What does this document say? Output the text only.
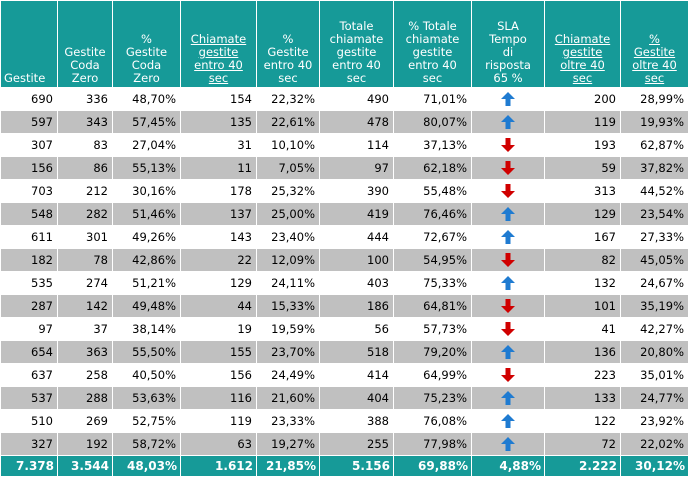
Gestite	Gestite
Coda
Zero	%
Gestite
Coda
Zero	Chiamate
gestite
entro 40
sec	%
Gestite
entro 40
sec	Totale
chiamate
gestite
entro 40
sec	% Totale
chiamate
gestite
entro 40
sec	SLA
Tempo
di
risposta
65 %	Chiamate
gestite
oltre 40
sec	%
Gestite
oltre 40
sec
690	336	48,70%	154	22,32%	490	71,01%		200	28,99%
597	343	57,45%	135	22,61%	478	80,07%		119	19,93%
307	83	27,04%	31	10,10%	114	37,13%		193	62,87%
156	86	55,13%	11	7,05%	97	62,18%		59	37,82%
703	212	30,16%	178	25,32%	390	55,48%		313	44,52%
548	282	51,46%	137	25,00%	419	76,46%		129	23,54%
611	301	49,26%	143	23,40%	444	72,67%		167	27,33%
182	78	42,86%	22	12,09%	100	54,95%		82	45,05%
535	274	51,21%	129	24,11%	403	75,33%		132	24,67%
287	142	49,48%	44	15,33%	186	64,81%		101	35,19%
97	37	38,14%	19	19,59%	56	57,73%		41	42,27%
654	363	55,50%	155	23,70%	518	79,20%		136	20,80%
637	258	40,50%	156	24,49%	414	64,99%		223	35,01%
537	288	53,63%	116	21,60%	404	75,23%		133	24,77%
510	269	52,75%	119	23,33%	388	76,08%		122	23,92%
327	192	58,72%	63	19,27%	255	77,98%		72	22,02%
7.378	3.544	48,03%	1.612	21,85%	5.156	69,88%	4,88%	2.222	30,12%
